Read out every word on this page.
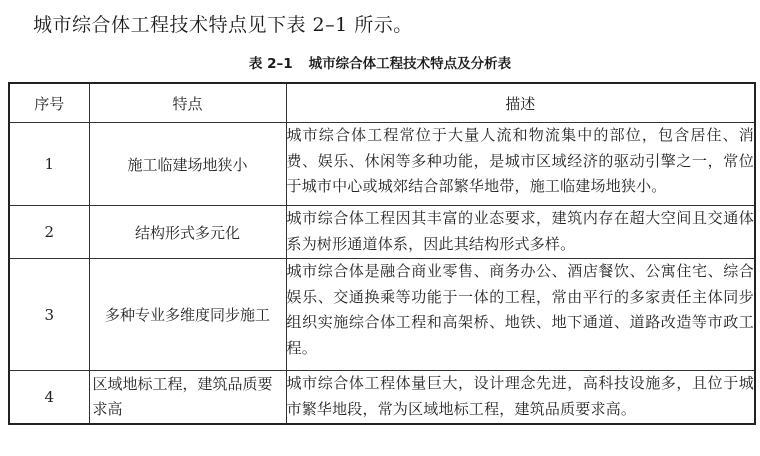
城市综合体工程技术特点见下表 2–1 所示。
表 2–1 城市综合体工程技术特点及分析表
序号	特点	描述
1	施工临建场地狭小	城市综合体工程常位于大量人流和物流集中的部位，包含居住、消费、娱乐、休闲等多种功能，是城市区域经济的驱动引擎之一，常位于城市中心或城郊结合部繁华地带，施工临建场地狭小。
2	结构形式多元化	城市综合体工程因其丰富的业态要求，建筑内存在超大空间且交通体系为树形通道体系，因此其结构形式多样。
3	多种专业多维度同步施工	城市综合体是融合商业零售、商务办公、酒店餐饮、公寓住宅、综合娱乐、交通换乘等功能于一体的工程，常由平行的多家责任主体同步组织实施综合体工程和高架桥、地铁、地下通道、道路改造等市政工程。
4	区域地标工程，建筑品质要求高	城市综合体工程体量巨大，设计理念先进，高科技设施多，且位于城市繁华地段，常为区域地标工程，建筑品质要求高。
